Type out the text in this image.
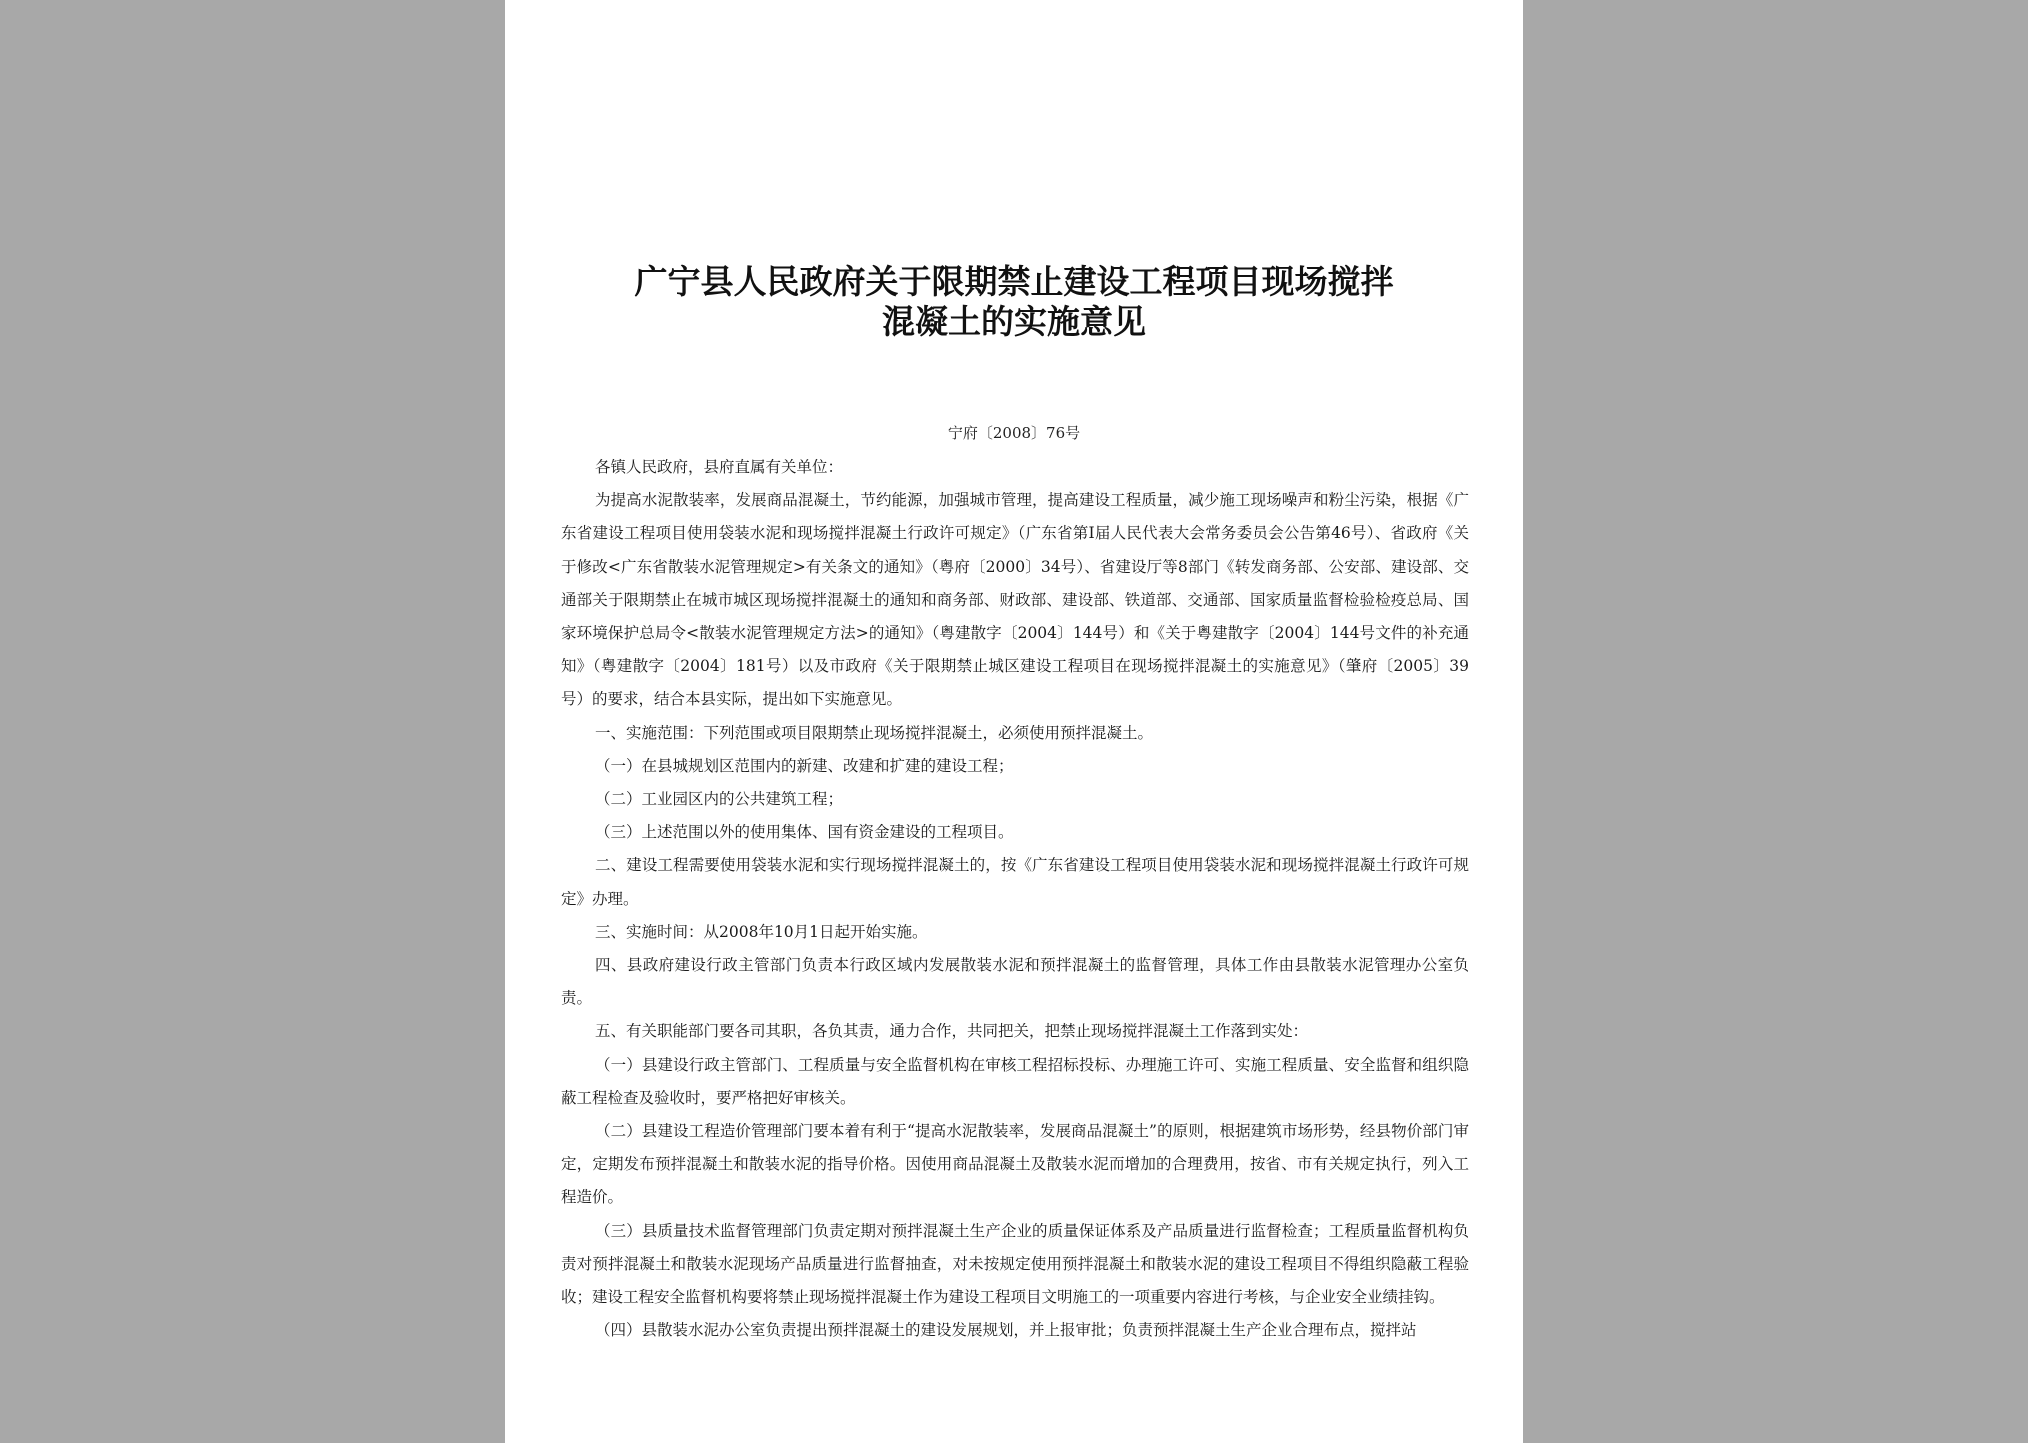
广宁县人民政府关于限期禁止建设工程项目现场搅拌
混凝土的实施意见
宁府〔2008〕76号

各镇人民政府，县府直属有关单位：

为提高水泥散装率，发展商品混凝土，节约能源，加强城市管理，提高建设工程质量，减少施工现场噪声和粉尘污染，根据《广东省建设工程项目使用袋装水泥和现场搅拌混凝土行政许可规定》（广东省第Ⅰ届人民代表大会常务委员会公告第46号）、省政府《关于修改<广东省散装水泥管理规定>有关条文的通知》（粤府〔2000〕34号）、省建设厅等8部门《转发商务部、公安部、建设部、交通部关于限期禁止在城市城区现场搅拌混凝土的通知和商务部、财政部、建设部、铁道部、交通部、国家质量监督检验检疫总局、国家环境保护总局令<散装水泥管理规定方法>的通知》（粤建散字〔2004〕144号）和《关于粤建散字〔2004〕144号文件的补充通知》（粤建散字〔2004〕181号）以及市政府《关于限期禁止城区建设工程项目在现场搅拌混凝土的实施意见》（肇府〔2005〕39号）的要求，结合本县实际，提出如下实施意见。

一、实施范围：下列范围或项目限期禁止现场搅拌混凝土，必须使用预拌混凝土。

（一）在县城规划区范围内的新建、改建和扩建的建设工程；

（二）工业园区内的公共建筑工程；

（三）上述范围以外的使用集体、国有资金建设的工程项目。

二、建设工程需要使用袋装水泥和实行现场搅拌混凝土的，按《广东省建设工程项目使用袋装水泥和现场搅拌混凝土行政许可规定》办理。

三、实施时间：从2008年10月1日起开始实施。

四、县政府建设行政主管部门负责本行政区域内发展散装水泥和预拌混凝土的监督管理，具体工作由县散装水泥管理办公室负责。

五、有关职能部门要各司其职，各负其责，通力合作，共同把关，把禁止现场搅拌混凝土工作落到实处：

（一）县建设行政主管部门、工程质量与安全监督机构在审核工程招标投标、办理施工许可、实施工程质量、安全监督和组织隐蔽工程检查及验收时，要严格把好审核关。

（二）县建设工程造价管理部门要本着有利于“提高水泥散装率，发展商品混凝土”的原则，根据建筑市场形势，经县物价部门审定，定期发布预拌混凝土和散装水泥的指导价格。因使用商品混凝土及散装水泥而增加的合理费用，按省、市有关规定执行，列入工程造价。

（三）县质量技术监督管理部门负责定期对预拌混凝土生产企业的质量保证体系及产品质量进行监督检查；工程质量监督机构负责对预拌混凝土和散装水泥现场产品质量进行监督抽查，对未按规定使用预拌混凝土和散装水泥的建设工程项目不得组织隐蔽工程验收；建设工程安全监督机构要将禁止现场搅拌混凝土作为建设工程项目文明施工的一项重要内容进行考核，与企业安全业绩挂钩。

（四）县散装水泥办公室负责提出预拌混凝土的建设发展规划，并上报审批；负责预拌混凝土生产企业合理布点，搅拌站
